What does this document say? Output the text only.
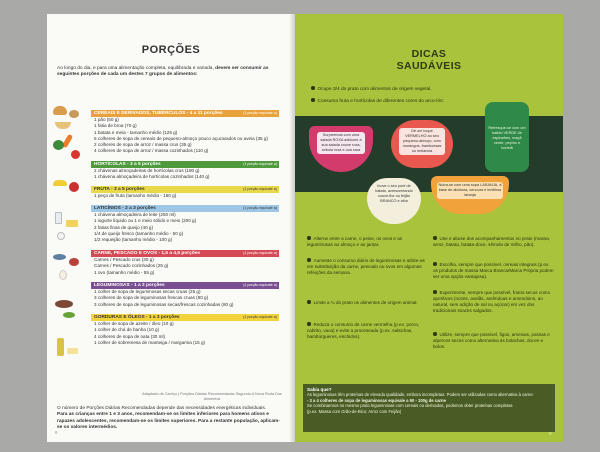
PORÇÕES
Ao longo do dia, e para uma alimentação completa, equilibrada e variada, devem ser consumir as seguintes porções de cada um destes 7 grupos de alimentos:
CEREAIS E DERIVADOS, TUBÉRCULOS - 4 a 11 porções	(1 porção equivale a)
1 pão (50 g)
1 fatia de broa (70 g)
1 batata e meia - tamanho médio (125 g)
5 colheres de sopa de cereais de pequeno-almoço pouco açucarados ou aveia (35 g)
2 colheres de sopa de arroz / massa crus (35 g)
4 colheres de sopa de arroz / massa cozinhados (110 g)
HORTÍCOLAS - 3 a 5 porções	(1 porção equivale a)
2 chávenas almoçadeiras de hortícolas crus (180 g)
1 chávena almoçadeira de hortícolas cozinhados (140 g)
FRUTA - 3 a 5 porções	(1 porção equivale a)
1 peça de fruta (tamanho médio - 160 g)
LATICÍNIOS - 2 a 3 porções	(1 porção equivale a)
1 chávena almoçadeira de leite (250 ml)
1 iogurte líquido ou 1 e meio sólido e meio (200 g)
2 fatias finas de queijo (40 g)
1/4 de queijo fresco (tamanho médio - 50 g)
1/2 requeijão (tamanho médio - 100 g)
CARNE, PESCADO E OVOS - 1,5 a 4,5 porções	(1 porção equivale a)
Carnes / Pescado crus (30 g)
Carnes / Pescado cozinhados (25 g)
1 ovo (tamanho médio - 55 g)
LEGUMINOSAS - 1 a 2 porções	(1 porção equivale a)
1 colher de sopa de leguminosas secas cruas (25 g)
3 colheres de sopa de leguminosas frescas cruas (80 g)
3 colheres de sopa de leguminosas secas/frescas cozinhadas (80 g)
GORDURAS E ÓLEOS - 1 a 3 porções	(1 porção equivale a)
1 colher de sopa de azeite / óleo (10 g)
1 colher de chá de banha (10 g)
4 colheres de sopa de nata (30 ml)
1 colher de sobremesa de manteiga / margarina (15 g)
Adaptado de Carriço | Porções Diárias Recomendadas Segundo A Nova Roda Dos Alimentos
O número de Porções Diárias Recomendadas depende das necessidades energéticas individuais.
Para as crianças entre 1 e 3 anos, recomendam-se os limites inferiores para homens ativos e rapazes adolescentes, recomendam-se os limites superiores. Para a restante população, aplicam-se os valores intermédios.
8
DICAS
SAUDÁVEIS
Ocupe 3/4 do prato com alimentos de origem vegetal.
Consuma fruta e hortícolas de diferentes cores do arco-íris:
Surpreenda com uma salada ROXA adicione à sua salada couve roxa, cebola roxa e uva rosa
Dê um toque VERMELHO ao seu pequeno-almoço, com morangos, framboesas ou melancia
Refresque-se com um batido VERDE de espinafres, maçã verde, pepino e hortelã
Inove o seu puré de batata, acrescentando couve-flor ou feijão BRANCO e alho
Nutra-se com uma sopa LARANJA, à base de abóbora, cenoura e lentilhas laranja
Alterne entre a carne, o peixe, os ovos e as leguminosas ao almoço e ao jantar.
Aumente o consumo diário de leguminosas e utilize-as em substituição da carne, pescado ou ovos em algumas refeições da semana.
Limite a ¼ do prato os alimentos de origem animal.
Reduza o consumo de carne vermelha (p.ex. porco, cabrito, vaca) e evite a processada (p.ex. salsichas, hambúrgueres, enchidos).
Use e abuse dos acompanhamentos no prato (massa, arroz, batata, batata-doce, sêmola de milho, pão).
Escolha, sempre que possível, cereais integrais (p.ex. os produtos de massa Marca Branca/Marca Própria podem ser uma opção vantajosa).
Experimente, sempre que possível, frutos secos como aperitivos (nozes, avelãs, amêndoas e amendoins, ao natural, sem adição de sal ou açúcar) em vez dos tradicionais snacks salgados.
Utilize, sempre que possível, figos, ameixas, passas e alperces secos como alternativa às bolachas, doces e bolos.
Sabia que?
As leguminosas têm proteínas de elevada qualidade, embora incompletas. Podem ser utilizadas como alternativa à carne:
- 3 a 4 colheres de sopa de leguminosas equivale a 90 - 100g de carne
Se combinarmos no mesmo prato leguminosas com cereais ou derivados, podemos obter proteínas completas
(p.ex. Massa com Grão-de-Bico; Arroz com Feijão)
9
